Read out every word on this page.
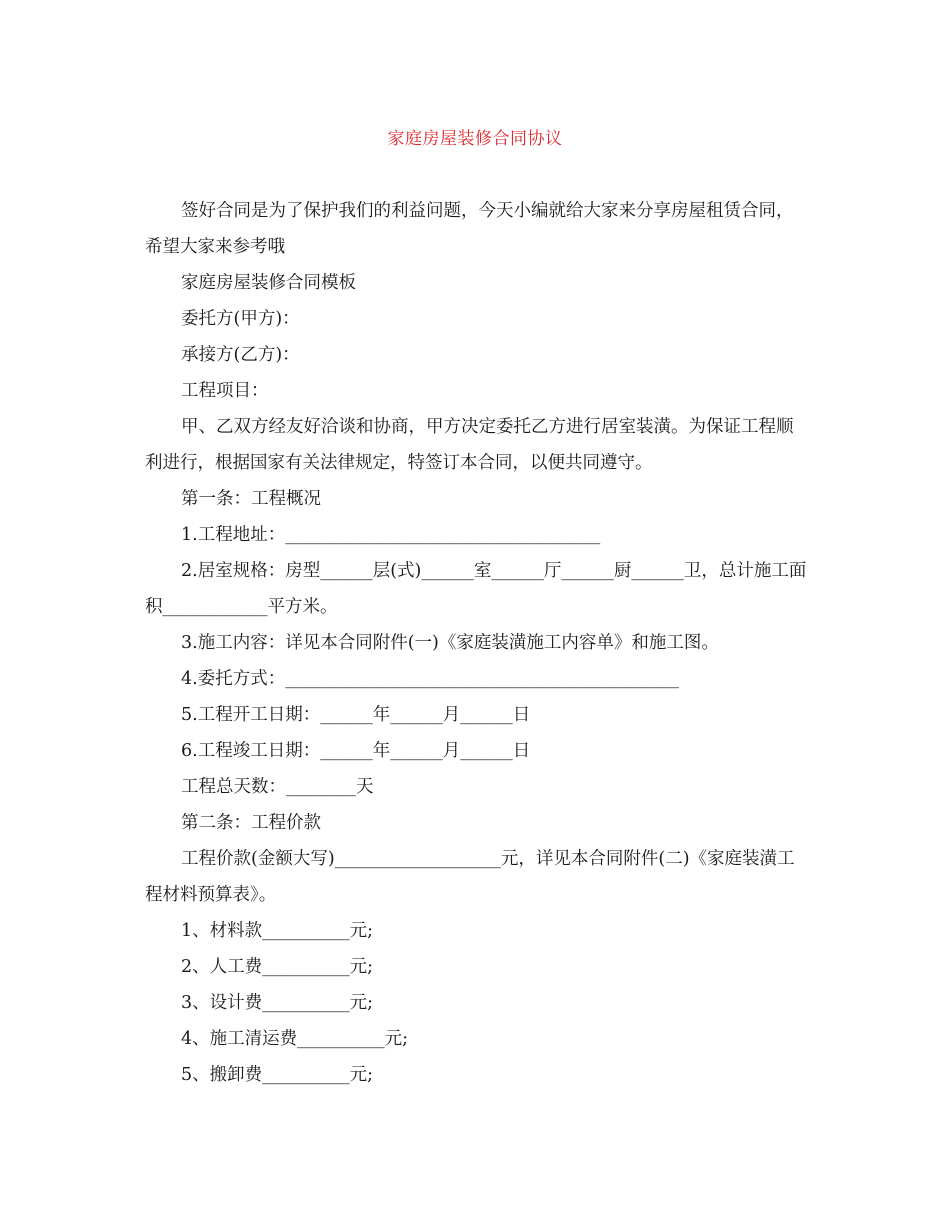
家庭房屋装修合同协议

签好合同是为了保护我们的利益问题，今天小编就给大家来分享房屋租赁合同，希望大家来参考哦

家庭房屋装修合同模板

委托方(甲方)：

承接方(乙方)：

工程项目：

甲、乙双方经友好洽谈和协商，甲方决定委托乙方进行居室装潢。为保证工程顺利进行，根据国家有关法律规定，特签订本合同，以便共同遵守。

第一条：工程概况

1.工程地址：____________________________________

2.居室规格：房型______层(式)______室______厅______厨______卫，总计施工面积____________平方米。

3.施工内容：详见本合同附件(一)《家庭装潢施工内容单》和施工图。

4.委托方式：_____________________________________________

5.工程开工日期：______年______月______日

6.工程竣工日期：______年______月______日

工程总天数：________天

第二条：工程价款

工程价款(金额大写)___________________元，详见本合同附件(二)《家庭装潢工程材料预算表》。

1、材料款__________元;

2、人工费__________元;

3、设计费__________元;

4、施工清运费__________元;

5、搬卸费__________元;
